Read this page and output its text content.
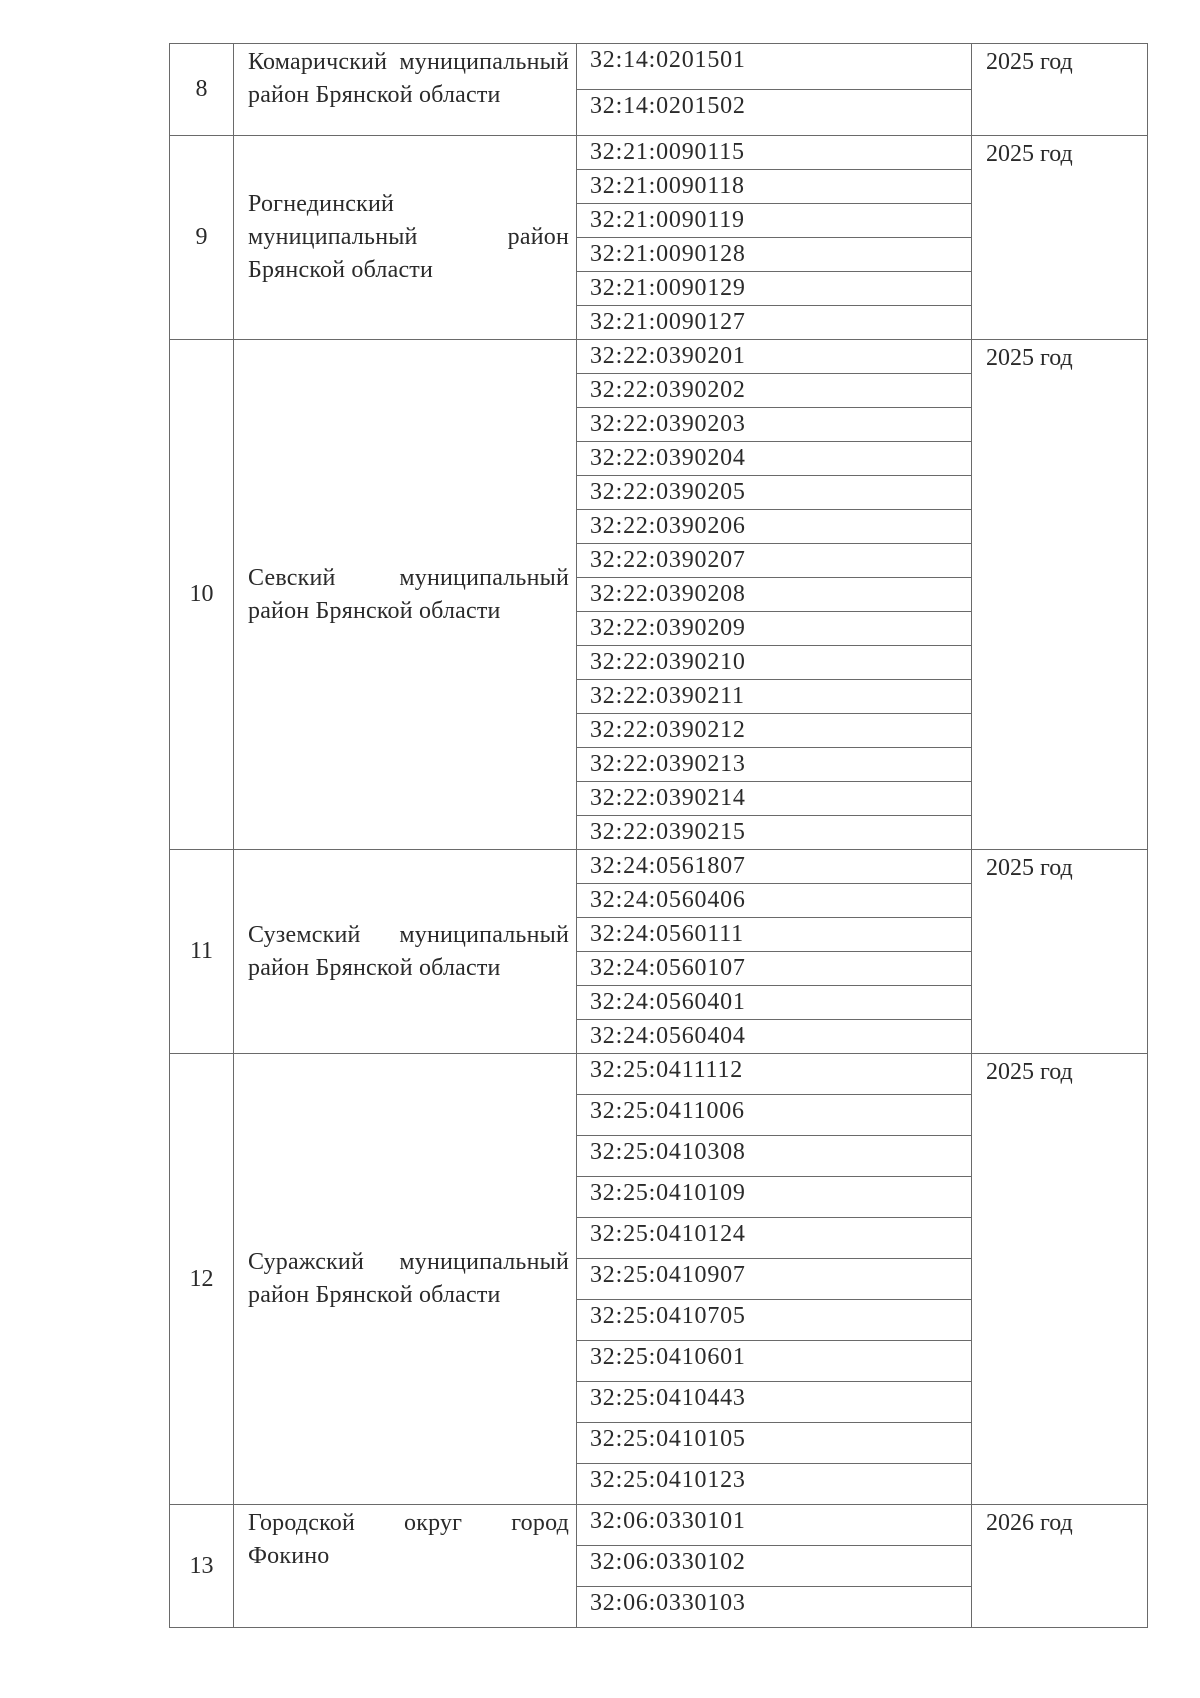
8	Комаричский муниципальный район Брянской области	32:14:0201501	2025 год
		32:14:0201502	
9	Рогнединский муниципальный район Брянской области	32:21:0090115	2025 год
		32:21:0090118	
		32:21:0090119	
		32:21:0090128	
		32:21:0090129	
		32:21:0090127	
10	Севский муниципальный район Брянской области	32:22:0390201	2025 год
		32:22:0390202	
		32:22:0390203	
		32:22:0390204	
		32:22:0390205	
		32:22:0390206	
		32:22:0390207	
		32:22:0390208	
		32:22:0390209	
		32:22:0390210	
		32:22:0390211	
		32:22:0390212	
		32:22:0390213	
		32:22:0390214	
		32:22:0390215	
11	Суземский муниципальный район Брянской области	32:24:0561807	2025 год
		32:24:0560406	
		32:24:0560111	
		32:24:0560107	
		32:24:0560401	
		32:24:0560404	
12	Суражский муниципальный район Брянской области	32:25:0411112	2025 год
		32:25:0411006	
		32:25:0410308	
		32:25:0410109	
		32:25:0410124	
		32:25:0410907	
		32:25:0410705	
		32:25:0410601	
		32:25:0410443	
		32:25:0410105	
		32:25:0410123	
13	Городской округ город Фокино	32:06:0330101	2026 год
		32:06:0330102	
		32:06:0330103	
